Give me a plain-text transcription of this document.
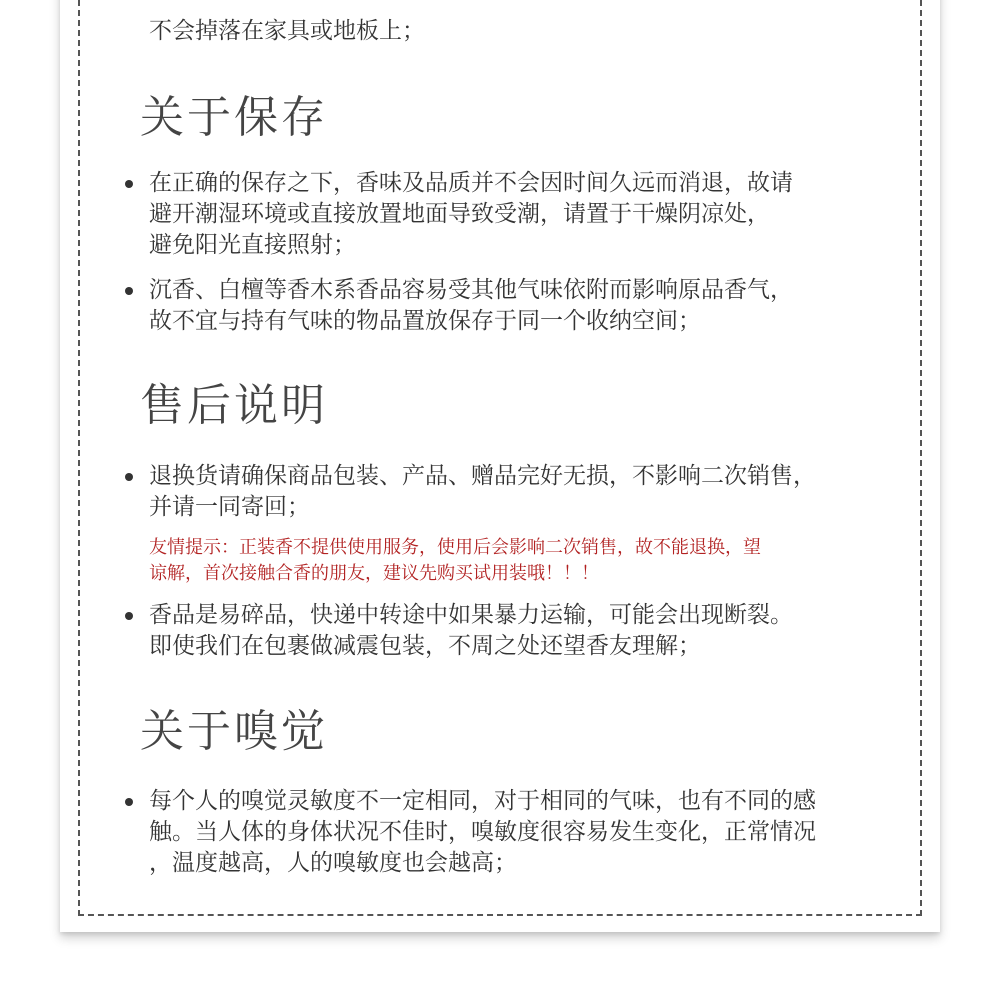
不会掉落在家具或地板上；
关于保存
在正确的保存之下，香味及品质并不会因时间久远而消退，故请
避开潮湿环境或直接放置地面导致受潮，请置于干燥阴凉处，
避免阳光直接照射；
沉香、白檀等香木系香品容易受其他气味依附而影响原品香气，
故不宜与持有气味的物品置放保存于同一个收纳空间；
售后说明
退换货请确保商品包装、产品、赠品完好无损，不影响二次销售，
并请一同寄回；
友情提示：正装香不提供使用服务，使用后会影响二次销售，故不能退换，望
谅解，首次接触合香的朋友，建议先购买试用装哦！！！
香品是易碎品，快递中转途中如果暴力运输，可能会出现断裂。
即使我们在包裹做减震包装，不周之处还望香友理解；
关于嗅觉
每个人的嗅觉灵敏度不一定相同，对于相同的气味，也有不同的感
触。当人体的身体状况不佳时，嗅敏度很容易发生变化，正常情况
，温度越高，人的嗅敏度也会越高；
